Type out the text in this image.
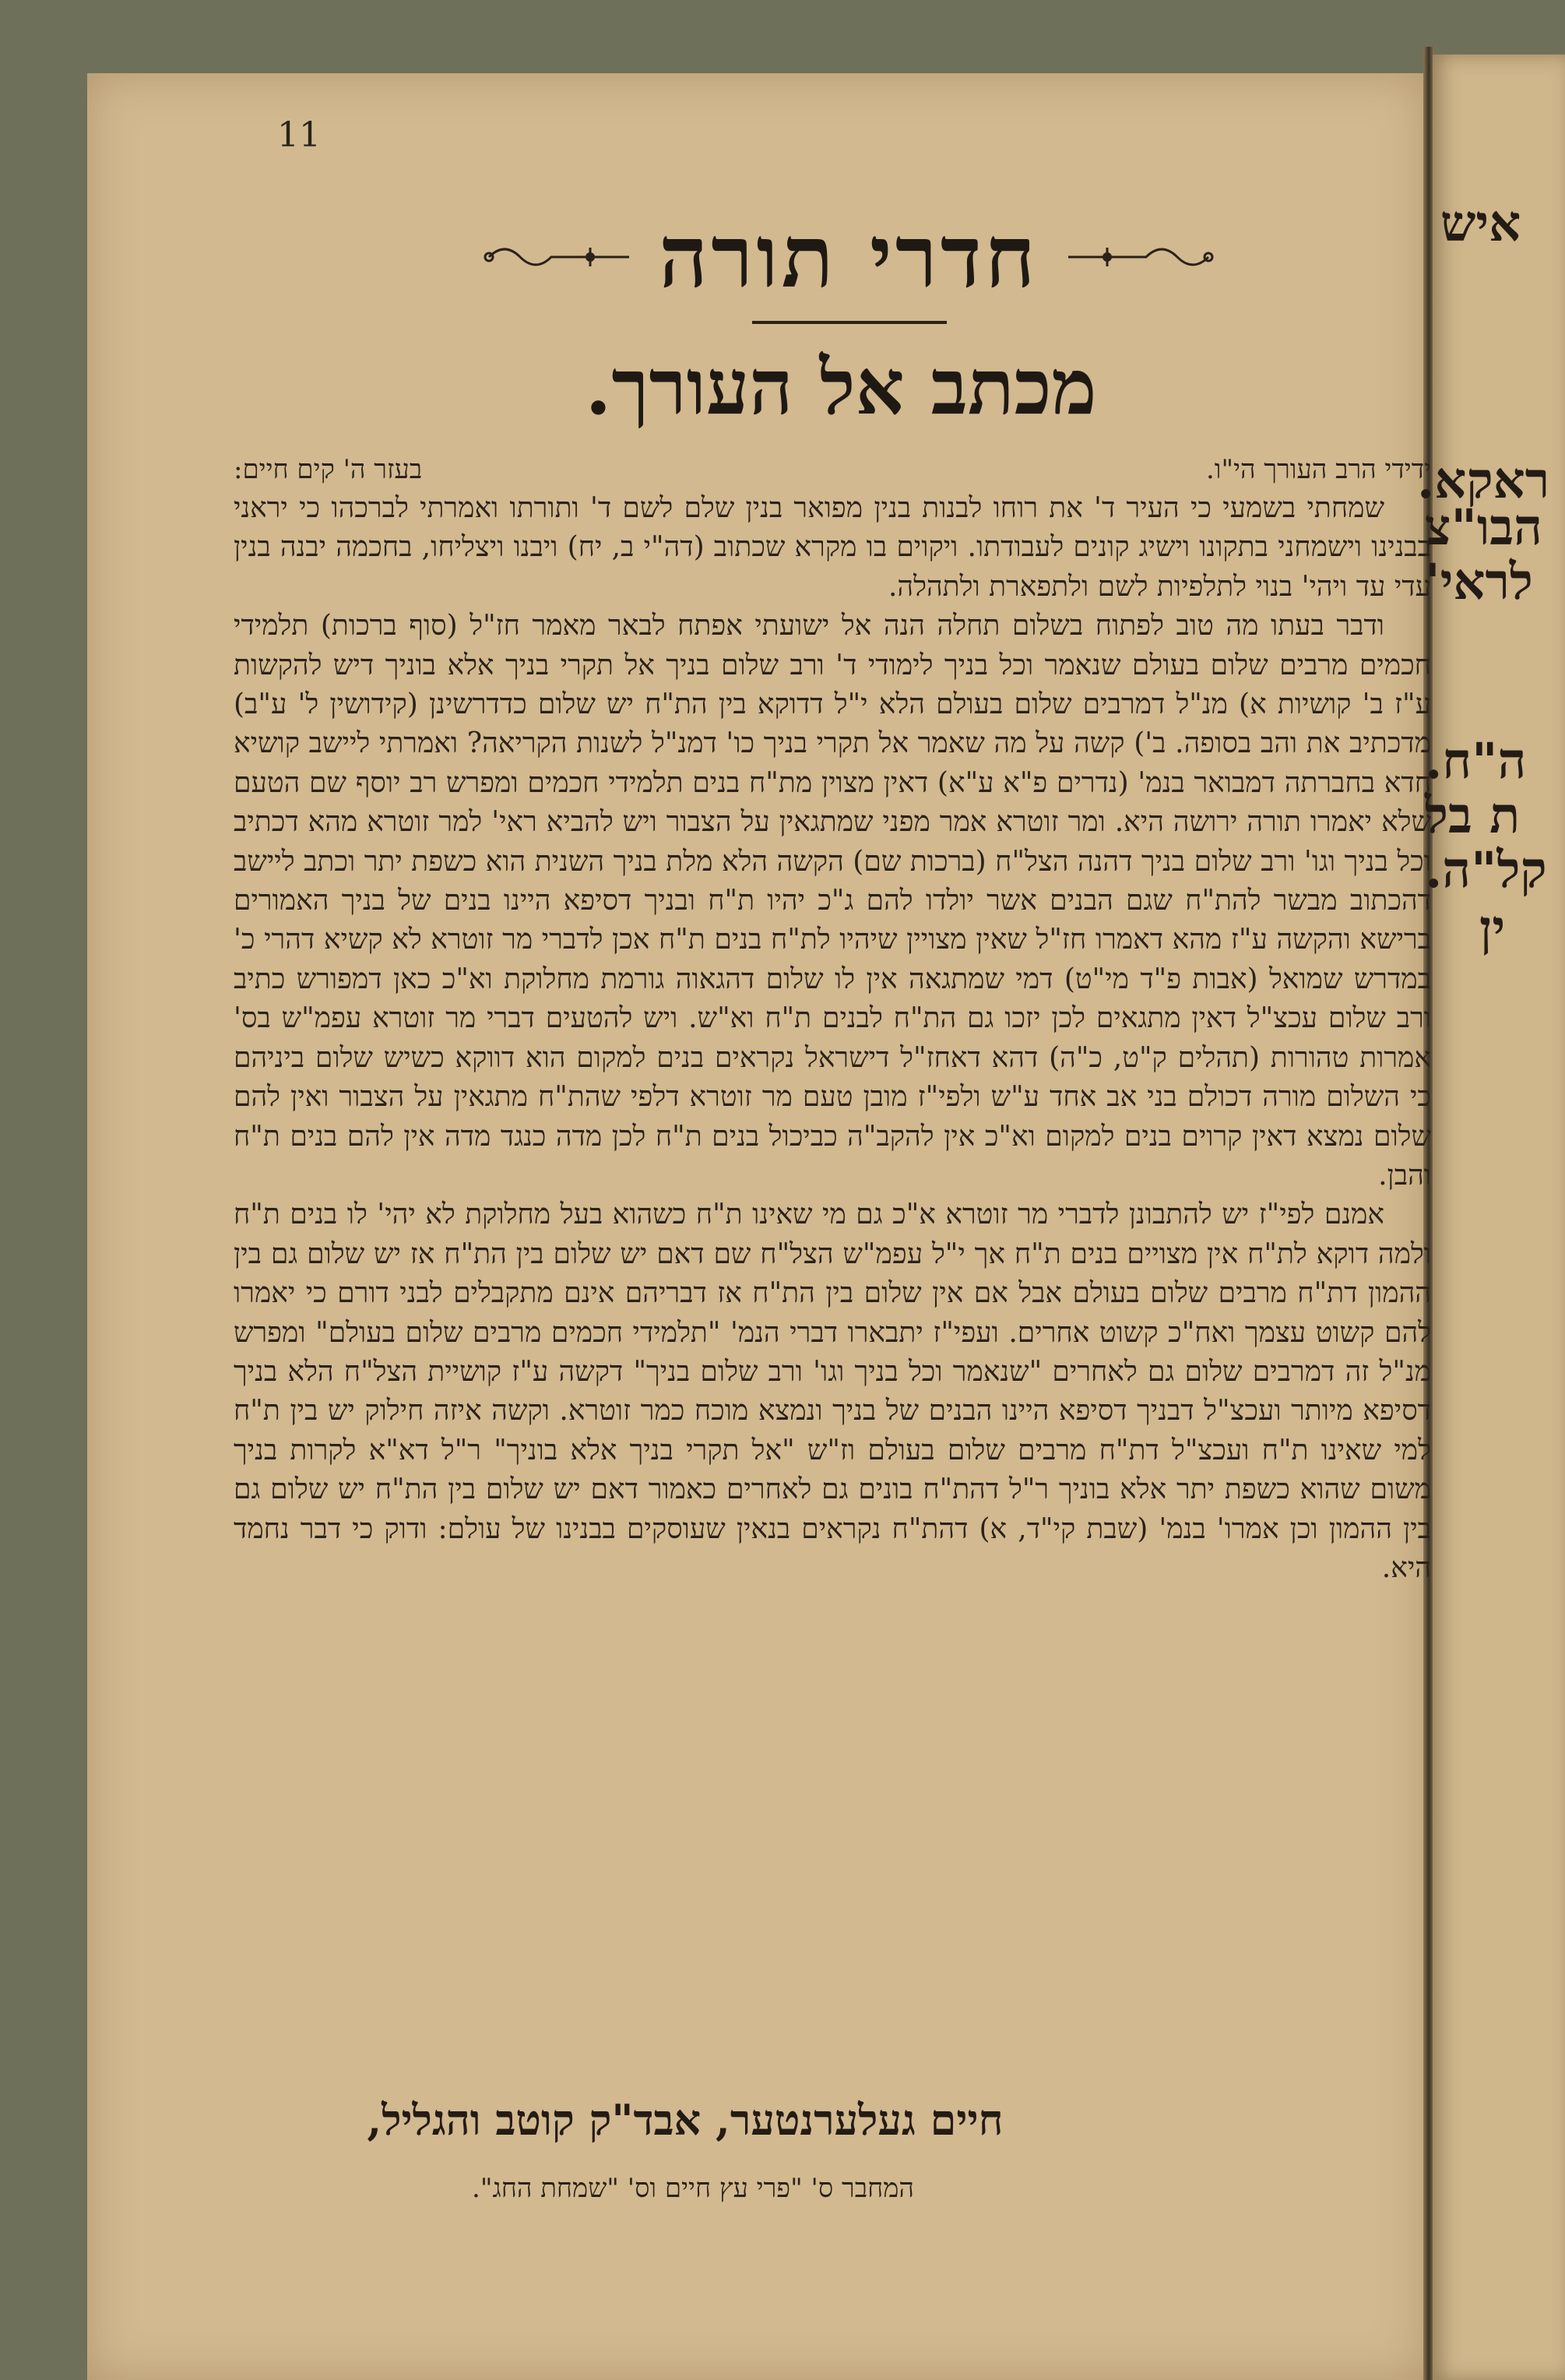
איש
ראקא.
הבו"צ
לראי'
ה"ח.
ת בל
קל"ה.
ין
11
חדרי תורה
מכתב אל העורך.
ידידי הרב העורך הי"ו.
בעזר ה' קים חיים:

שמחתי בשמעי כי העיר ד' את רוחו לבנות בנין מפואר בנין שלם לשם ד' ותורתו ואמרתי לברכהו כי יראני בבנינו וישמחני בתקונו וישיג קונים לעבודתו. ויקוים בו מקרא שכתוב (דה"י ב, יח) ויבנו ויצליחו, בחכמה יבנה בנין עדי עד ויהי' בנוי לתלפיות לשם ולתפארת ולתהלה.

ודבר בעתו מה טוב לפתוח בשלום תחלה הנה אל ישועתי אפתח לבאר מאמר חז"ל (סוף ברכות) תלמידי חכמים מרבים שלום בעולם שנאמר וכל בניך לימודי ד' ורב שלום בניך אל תקרי בניך אלא בוניך דיש להקשות ע"ז ב' קושיות א) מנ"ל דמרבים שלום בעולם הלא י"ל דדוקא בין הת"ח יש שלום כדדרשינן (קידושין ל' ע"ב) מדכתיב את והב בסופה. ב') קשה על מה שאמר אל תקרי בניך כו' דמנ"ל לשנות הקריאה? ואמרתי ליישב קושיא חדא בחברתה דמבואר בנמ' (נדרים פ"א ע"א) דאין מצוין מת"ח בנים תלמידי חכמים ומפרש רב יוסף שם הטעם שלא יאמרו תורה ירושה היא. ומר זוטרא אמר מפני שמתגאין על הצבור ויש להביא ראי' למר זוטרא מהא דכתיב וכל בניך וגו' ורב שלום בניך דהנה הצל"ח (ברכות שם) הקשה הלא מלת בניך השנית הוא כשפת יתר וכתב ליישב דהכתוב מבשר להת"ח שגם הבנים אשר יולדו להם ג"כ יהיו ת"ח ובניך דסיפא היינו בנים של בניך האמורים ברישא והקשה ע"ז מהא דאמרו חז"ל שאין מצויין שיהיו לת"ח בנים ת"ח אכן לדברי מר זוטרא לא קשיא דהרי כ' במדרש שמואל (אבות פ"ד מי"ט) דמי שמתגאה אין לו שלום דהגאוה גורמת מחלוקת וא"כ כאן דמפורש כתיב ורב שלום עכצ"ל דאין מתגאים לכן יזכו גם הת"ח לבנים ת"ח וא"ש. ויש להטעים דברי מר זוטרא עפמ"ש בס' אמרות טהורות (תהלים ק"ט, כ"ה) דהא דאחז"ל דישראל נקראים בנים למקום הוא דווקא כשיש שלום ביניהם כי השלום מורה דכולם בני אב אחד ע"ש ולפי"ז מובן טעם מר זוטרא דלפי שהת"ח מתגאין על הצבור ואין להם שלום נמצא דאין קרוים בנים למקום וא"כ אין להקב"ה כביכול בנים ת"ח לכן מדה כנגד מדה אין להם בנים ת"ח והבן.

אמנם לפי"ז יש להתבונן לדברי מר זוטרא א"כ גם מי שאינו ת"ח כשהוא בעל מחלוקת לא יהי' לו בנים ת"ח ולמה דוקא לת"ח אין מצויים בנים ת"ח אך י"ל עפמ"ש הצל"ח שם דאם יש שלום בין הת"ח אז יש שלום גם בין ההמון דת"ח מרבים שלום בעולם אבל אם אין שלום בין הת"ח אז דבריהם אינם מתקבלים לבני דורם כי יאמרו להם קשוט עצמך ואח"כ קשוט אחרים. ועפי"ז יתבארו דברי הנמ' "תלמידי חכמים מרבים שלום בעולם" ומפרש מנ"ל זה דמרבים שלום גם לאחרים "שנאמר וכל בניך וגו' ורב שלום בניך" דקשה ע"ז קושיית הצל"ח הלא בניך דסיפא מיותר ועכצ"ל דבניך דסיפא היינו הבנים של בניך ונמצא מוכח כמר זוטרא. וקשה איזה חילוק יש בין ת"ח למי שאינו ת"ח ועכצ"ל דת"ח מרבים שלום בעולם וז"ש "אל תקרי בניך אלא בוניך" ר"ל דא"א לקרות בניך משום שהוא כשפת יתר אלא בוניך ר"ל דהת"ח בונים גם לאחרים כאמור דאם יש שלום בין הת"ח יש שלום גם בין ההמון וכן אמרו' בנמ' (שבת קי"ד, א) דהת"ח נקראים בנאין שעוסקים בבנינו של עולם: ודוק כי דבר נחמד היא.

חיים געלערנטער, אבד"ק קוטב והגליל,
המחבר ס' "פרי עץ חיים וס' "שמחת החג".
